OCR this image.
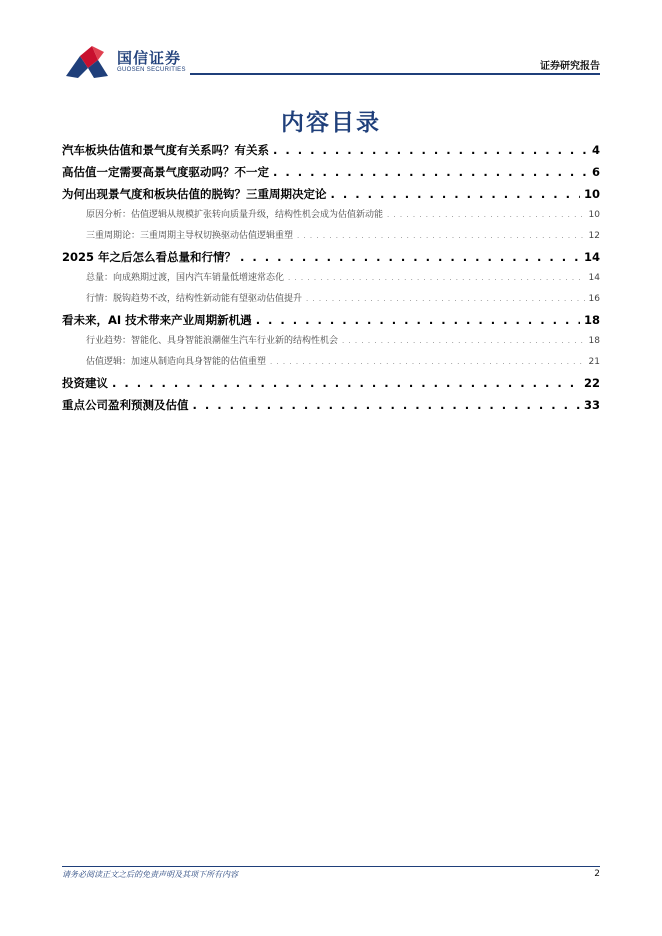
国信证券
GUOSEN SECURITIES	证券研究报告
内容目录
汽车板块估值和景气度有关系吗？有关系 . . .	4
高估值一定需要高景气度驱动吗？不一定 . . .	6
为何出现景气度和板块估值的脱钩？三重周期决定论 . . .	10
原因分析：估值逻辑从规模扩张转向质量升级，结构性机会成为估值新动能 . . .	10
三重周期论：三重周期主导权切换驱动估值逻辑重塑 . . .	12
2025 年之后怎么看总量和行情？ . . .	14
总量：向成熟期过渡，国内汽车销量低增速常态化 . . .	14
行情：脱钩趋势不改，结构性新动能有望驱动估值提升 . . .	16
看未来，AI 技术带来产业周期新机遇 . . .	18
行业趋势：智能化、具身智能浪潮催生汽车行业新的结构性机会 . . .	18
估值逻辑：加速从制造向具身智能的估值重塑 . . .	21
投资建议 . . .	22
重点公司盈利预测及估值 . . .	33
请务必阅读正文之后的免责声明及其项下所有内容	2
